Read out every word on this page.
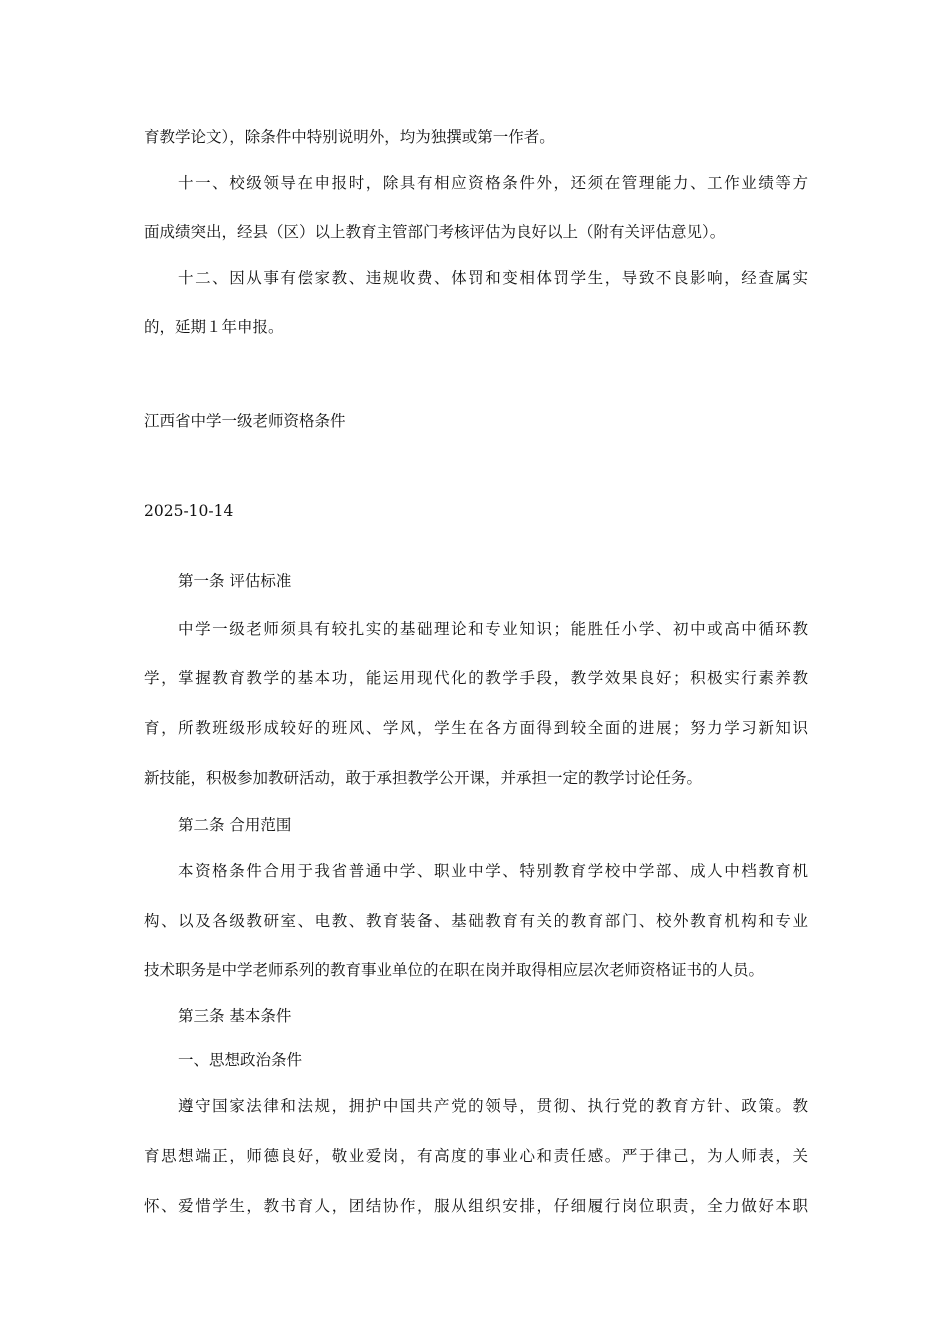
育教学论文），除条件中特别说明外，均为独撰或第一作者。
十一、校级领导在申报时，除具有相应资格条件外，还须在管理能力、工作业绩等方
面成绩突出，经县（区）以上教育主管部门考核评估为良好以上（附有关评估意见）。
十二、因从事有偿家教、违规收费、体罚和变相体罚学生，导致不良影响，经查属实
的，延期１年申报。
江西省中学一级老师资格条件
2025-10-14
第一条 评估标准
中学一级老师须具有较扎实的基础理论和专业知识；能胜任小学、初中或高中循环教
学，掌握教育教学的基本功，能运用现代化的教学手段，教学效果良好；积极实行素养教
育，所教班级形成较好的班风、学风，学生在各方面得到较全面的进展；努力学习新知识
新技能，积极参加教研活动，敢于承担教学公开课，并承担一定的教学讨论任务。
第二条 合用范围
本资格条件合用于我省普通中学、职业中学、特别教育学校中学部、成人中档教育机
构、以及各级教研室、电教、教育装备、基础教育有关的教育部门、校外教育机构和专业
技术职务是中学老师系列的教育事业单位的在职在岗并取得相应层次老师资格证书的人员。
第三条 基本条件
一、思想政治条件
遵守国家法律和法规，拥护中国共产党的领导，贯彻、执行党的教育方针、政策。教
育思想端正，师德良好，敬业爱岗，有高度的事业心和责任感。严于律己，为人师表，关
怀、爱惜学生，教书育人，团结协作，服从组织安排，仔细履行岗位职责，全力做好本职
